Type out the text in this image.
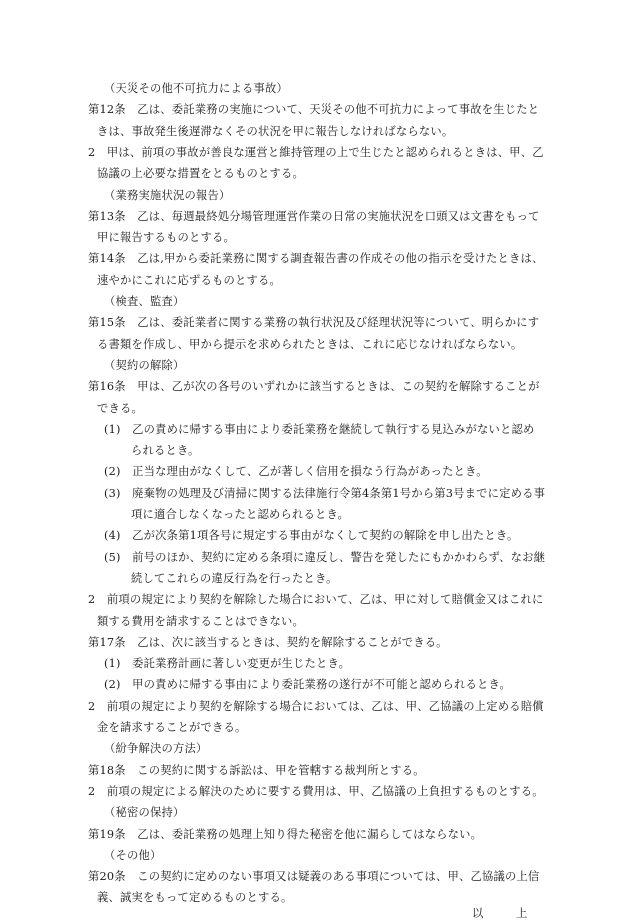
（天災その他不可抗力による事故）
第12条　乙は、委託業務の実施について、天災その他不可抗力によって事故を生じたと
きは、事故発生後遅滞なくその状況を甲に報告しなければならない。
2　甲は、前項の事故が善良な運営と維持管理の上で生じたと認められるときは、甲、乙
協議の上必要な措置をとるものとする。
（業務実施状況の報告）
第13条　乙は、毎週最終処分場管理運営作業の日常の実施状況を口頭又は文書をもって
甲に報告するものとする。
第14条　乙は,甲から委託業務に関する調査報告書の作成その他の指示を受けたときは、
速やかにこれに応ずるものとする。
（検査、監査）
第15条　乙は、委託業者に関する業務の執行状況及び経理状況等について、明らかにす
る書類を作成し、甲から提示を求められたときは、これに応じなければならない。
（契約の解除）
第16条　甲は、乙が次の各号のいずれかに該当するときは、この契約を解除することが
できる。
(1)　乙の責めに帰する事由により委託業務を継続して執行する見込みがないと認め
られるとき。
(2)　正当な理由がなくして、乙が著しく信用を損なう行為があったとき。
(3)　廃棄物の処理及び清掃に関する法律施行令第4条第1号から第3号までに定める事
項に適合しなくなったと認められるとき。
(4)　乙が次条第1項各号に規定する事由がなくして契約の解除を申し出たとき。
(5)　前号のほか、契約に定める条項に違反し、警告を発したにもかかわらず、なお継
続してこれらの違反行為を行ったとき。
2　前項の規定により契約を解除した場合において、乙は、甲に対して賠償金又はこれに
類する費用を請求することはできない。
第17条　乙は、次に該当するときは、契約を解除することができる。
(1)　委託業務計画に著しい変更が生じたとき。
(2)　甲の責めに帰する事由により委託業務の遂行が不可能と認められるとき。
2　前項の規定により契約を解除する場合においては、乙は、甲、乙協議の上定める賠償
金を請求することができる。
（紛争解決の方法）
第18条　この契約に関する訴訟は、甲を管轄する裁判所とする。
2　前項の規定による解決のために要する費用は、甲、乙協議の上負担するものとする。
（秘密の保持）
第19条　乙は、委託業務の処理上知り得た秘密を他に漏らしてはならない。
（その他）
第20条　この契約に定めのない事項又は疑義のある事項については、甲、乙協議の上信
義、誠実をもって定めるものとする。
以	上
